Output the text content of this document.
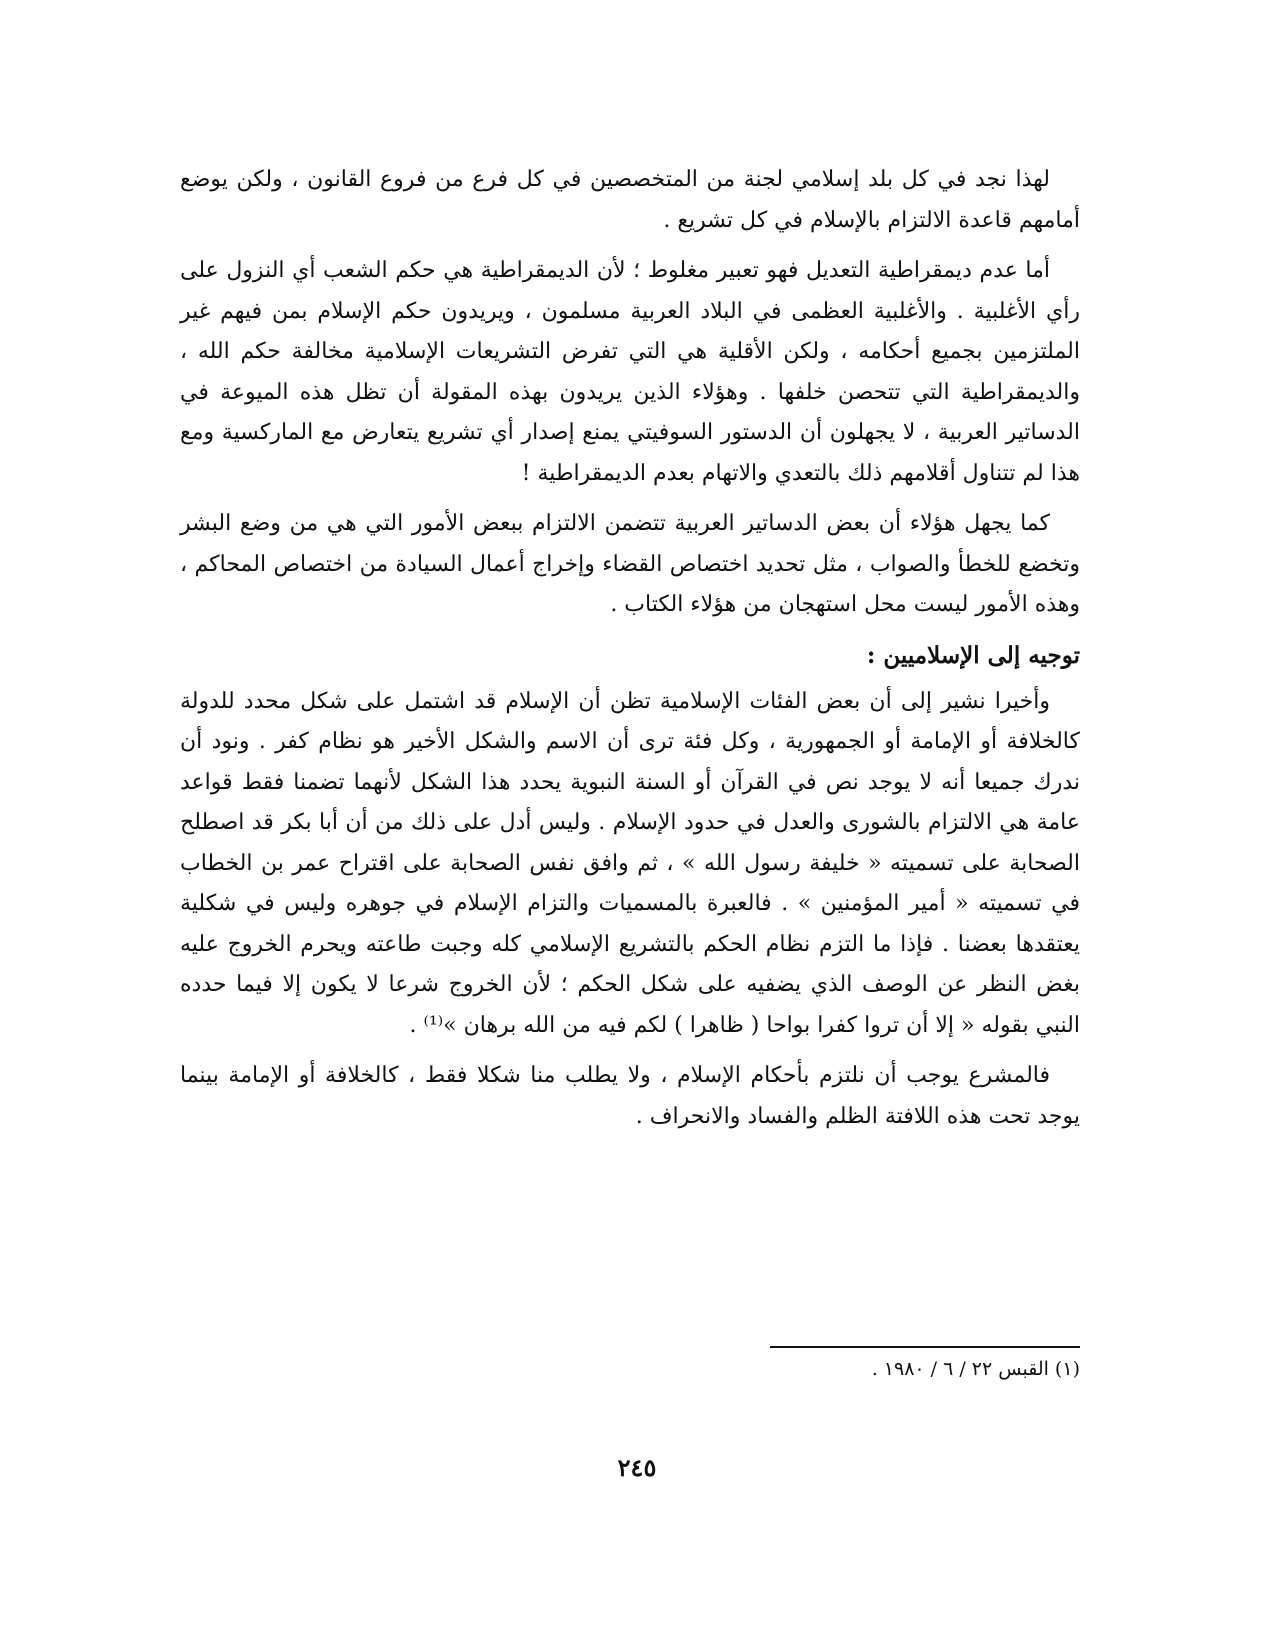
لهذا نجد في كل بلد إسلامي لجنة من المتخصصين في كل فرع من فروع القانون ، ولكن يوضع أمامهم قاعدة الالتزام بالإسلام في كل تشريع .

أما عدم ديمقراطية التعديل فهو تعبير مغلوط ؛ لأن الديمقراطية هي حكم الشعب أي النزول على رأي الأغلبية . والأغلبية العظمى في البلاد العربية مسلمون ، ويريدون حكم الإسلام بمن فيهم غير الملتزمين بجميع أحكامه ، ولكن الأقلية هي التي تفرض التشريعات الإسلامية مخالفة حكم الله ، والديمقراطية التي تتحصن خلفها . وهؤلاء الذين يريدون بهذه المقولة أن تظل هذه الميوعة في الدساتير العربية ، لا يجهلون أن الدستور السوفيتي يمنع إصدار أي تشريع يتعارض مع الماركسية ومع هذا لم تتناول أقلامهم ذلك بالتعدي والاتهام بعدم الديمقراطية !

كما يجهل هؤلاء أن بعض الدساتير العربية تتضمن الالتزام ببعض الأمور التي هي من وضع البشر وتخضع للخطأ والصواب ، مثل تحديد اختصاص القضاء وإخراج أعمال السيادة من اختصاص المحاكم ، وهذه الأمور ليست محل استهجان من هؤلاء الكتاب .

توجيه إلى الإسلاميين :

وأخيرا نشير إلى أن بعض الفئات الإسلامية تظن أن الإسلام قد اشتمل على شكل محدد للدولة كالخلافة أو الإمامة أو الجمهورية ، وكل فئة ترى أن الاسم والشكل الأخير هو نظام كفر . ونود أن ندرك جميعا أنه لا يوجد نص في القرآن أو السنة النبوية يحدد هذا الشكل لأنهما تضمنا فقط قواعد عامة هي الالتزام بالشورى والعدل في حدود الإسلام . وليس أدل على ذلك من أن أبا بكر قد اصطلح الصحابة على تسميته « خليفة رسول الله » ، ثم وافق نفس الصحابة على اقتراح عمر بن الخطاب في تسميته « أمير المؤمنين » . فالعبرة بالمسميات والتزام الإسلام في جوهره وليس في شكلية يعتقدها بعضنا . فإذا ما التزم نظام الحكم بالتشريع الإسلامي كله وجبت طاعته ويحرم الخروج عليه بغض النظر عن الوصف الذي يضفيه على شكل الحكم ؛ لأن الخروج شرعا لا يكون إلا فيما حدده النبي بقوله « إلا أن تروا كفرا بواحا ( ظاهرا ) لكم فيه من الله برهان »⁽¹⁾ .

فالمشرع يوجب أن نلتزم بأحكام الإسلام ، ولا يطلب منا شكلا فقط ، كالخلافة أو الإمامة بينما يوجد تحت هذه اللافتة الظلم والفساد والانحراف .

(١) القبس ٢٢ / ٦ / ١٩٨٠ .
٢٤٥
